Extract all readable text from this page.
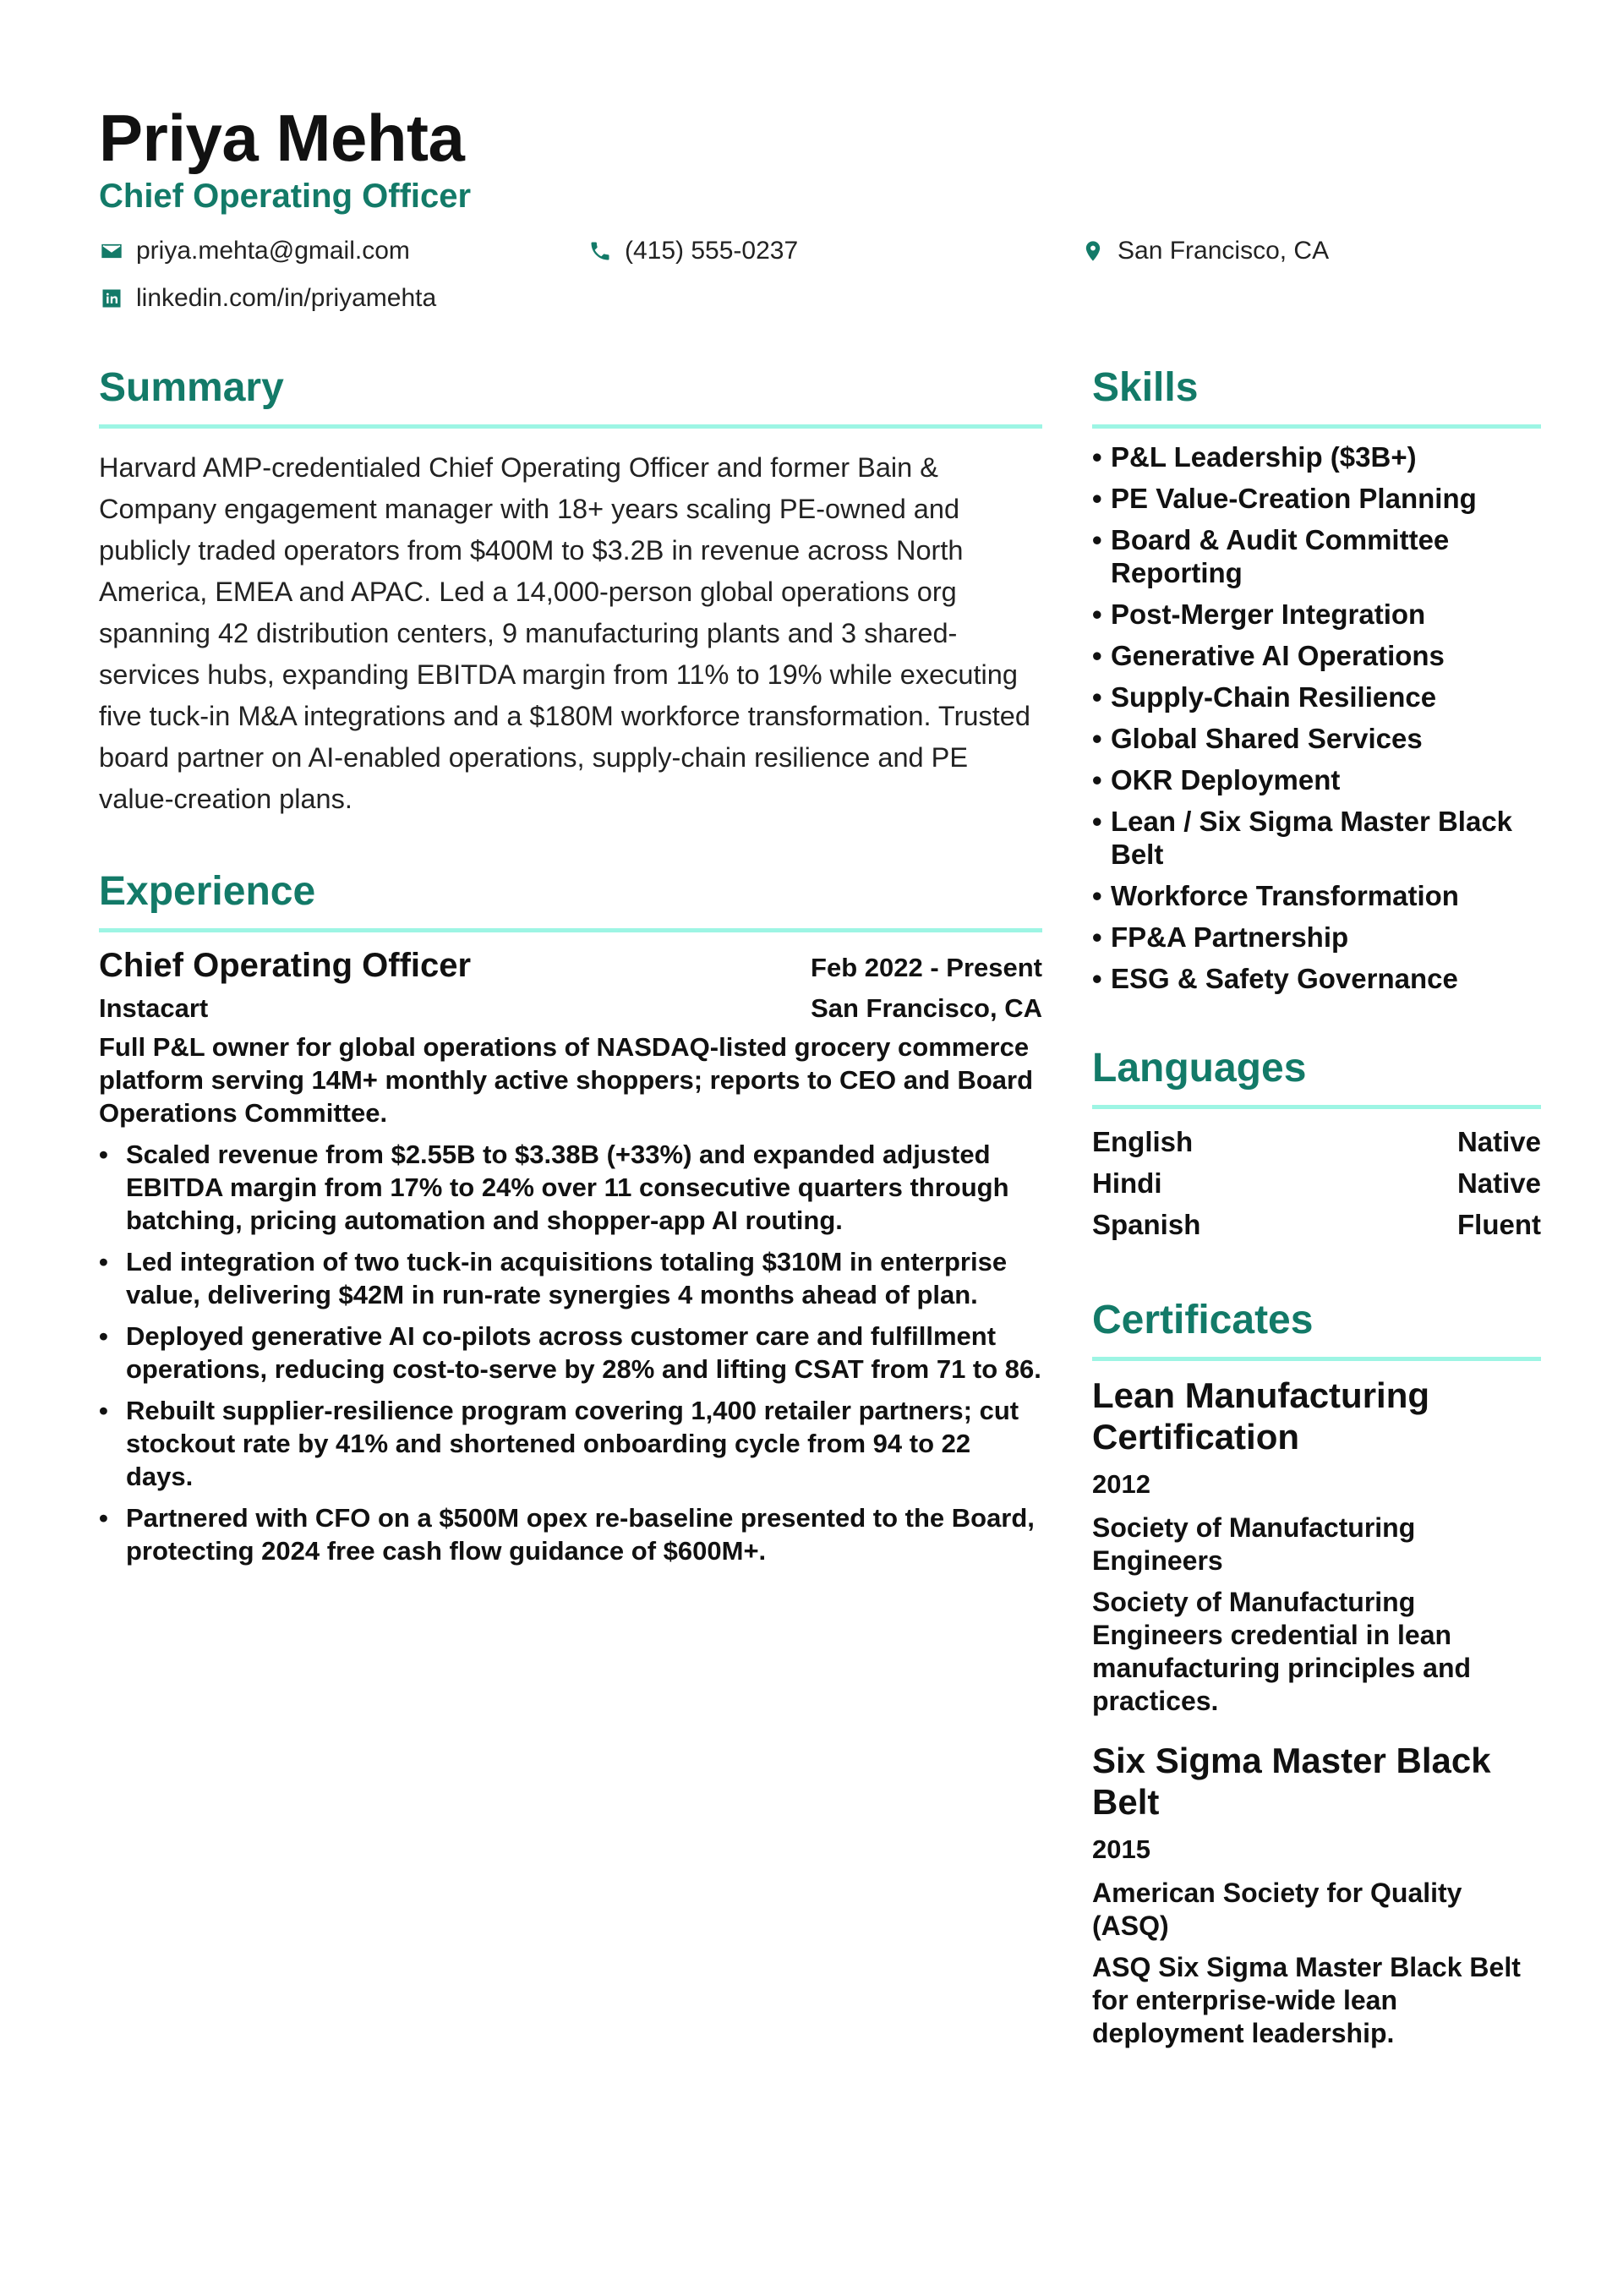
Priya Mehta
Chief Operating Officer
priya.mehta@gmail.com	(415) 555-0237	San Francisco, CA
linkedin.com/in/priyamehta
Summary
Harvard AMP-credentialed Chief Operating Officer and former Bain & Company engagement manager with 18+ years scaling PE-owned and publicly traded operators from $400M to $3.2B in revenue across North America, EMEA and APAC. Led a 14,000-person global operations org spanning 42 distribution centers, 9 manufacturing plants and 3 shared-services hubs, expanding EBITDA margin from 11% to 19% while executing five tuck-in M&A integrations and a $180M workforce transformation. Trusted board partner on AI-enabled operations, supply-chain resilience and PE value-creation plans.
Experience
Chief Operating Officer	Feb 2022 - Present
Instacart	San Francisco, CA
Full P&L owner for global operations of NASDAQ-listed grocery commerce platform serving 14M+ monthly active shoppers; reports to CEO and Board Operations Committee.
• Scaled revenue from $2.55B to $3.38B (+33%) and expanded adjusted EBITDA margin from 17% to 24% over 11 consecutive quarters through batching, pricing automation and shopper-app AI routing.
• Led integration of two tuck-in acquisitions totaling $310M in enterprise value, delivering $42M in run-rate synergies 4 months ahead of plan.
• Deployed generative AI co-pilots across customer care and fulfillment operations, reducing cost-to-serve by 28% and lifting CSAT from 71 to 86.
• Rebuilt supplier-resilience program covering 1,400 retailer partners; cut stockout rate by 41% and shortened onboarding cycle from 94 to 22 days.
• Partnered with CFO on a $500M opex re-baseline presented to the Board, protecting 2024 free cash flow guidance of $600M+.
Skills
• P&L Leadership ($3B+)
• PE Value-Creation Planning
• Board & Audit Committee Reporting
• Post-Merger Integration
• Generative AI Operations
• Supply-Chain Resilience
• Global Shared Services
• OKR Deployment
• Lean / Six Sigma Master Black Belt
• Workforce Transformation
• FP&A Partnership
• ESG & Safety Governance
Languages
English	Native
Hindi	Native
Spanish	Fluent
Certificates
Lean Manufacturing Certification
2012
Society of Manufacturing Engineers
Society of Manufacturing Engineers credential in lean manufacturing principles and practices.
Six Sigma Master Black Belt
2015
American Society for Quality (ASQ)
ASQ Six Sigma Master Black Belt for enterprise-wide lean deployment leadership.
